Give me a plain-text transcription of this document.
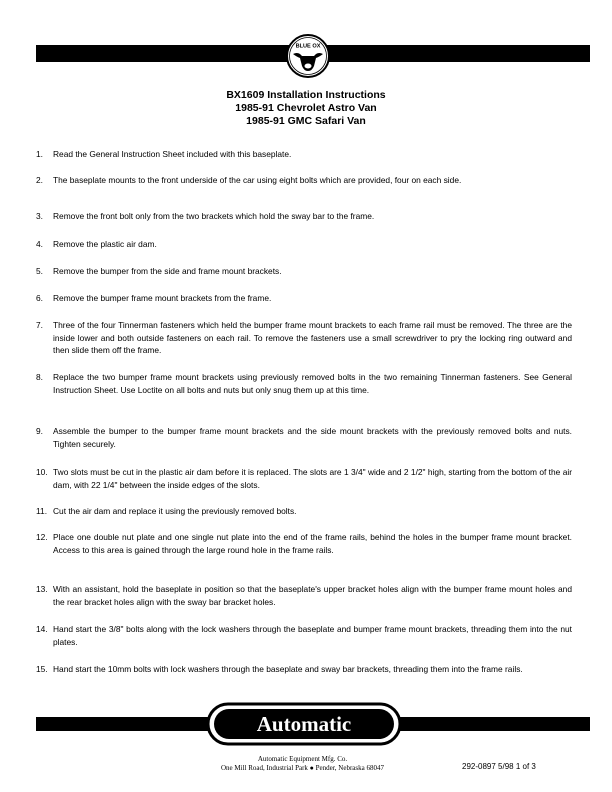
BLUE OX
BX1609 Installation Instructions
1985-91 Chevrolet Astro Van
1985-91 GMC Safari Van
1. Read the General Instruction Sheet included with this baseplate.
2. The baseplate mounts to the front underside of the car using eight bolts which are provided, four on each side.
3. Remove the front bolt only from the two brackets which hold the sway bar to the frame.
4. Remove the plastic air dam.
5. Remove the bumper from the side and frame mount brackets.
6. Remove the bumper frame mount brackets from the frame.
7. Three of the four Tinnerman fasteners which held the bumper frame mount brackets to each frame rail must be removed. The three are the inside lower and both outside fasteners on each rail. To remove the fasteners use a small screwdriver to pry the locking ring outward and then slide them off the frame.
8. Replace the two bumper frame mount brackets using previously removed bolts in the two remaining Tinnerman fasteners. See General Instruction Sheet. Use Loctite on all bolts and nuts but only snug them up at this time.
9. Assemble the bumper to the bumper frame mount brackets and the side mount brackets with the previously removed bolts and nuts. Tighten securely.
10. Two slots must be cut in the plastic air dam before it is replaced. The slots are 1 3/4" wide and 2 1/2" high, starting from the bottom of the air dam, with 22 1/4" between the inside edges of the slots.
11. Cut the air dam and replace it using the previously removed bolts.
12. Place one double nut plate and one single nut plate into the end of the frame rails, behind the holes in the bumper frame mount bracket. Access to this area is gained through the large round hole in the frame rails.
13. With an assistant, hold the baseplate in position so that the baseplate's upper bracket holes align with the bumper frame mount holes and the rear bracket holes align with the sway bar bracket holes.
14. Hand start the 3/8" bolts along with the lock washers through the baseplate and bumper frame mount brackets, threading them into the nut plates.
15. Hand start the 10mm bolts with lock washers through the baseplate and sway bar brackets, threading them into the frame rails.
Automatic
Automatic Equipment Mfg. Co.
One Mill Road, Industrial Park ● Pender, Nebraska 68047	292-0897 5/98 1 of 3
